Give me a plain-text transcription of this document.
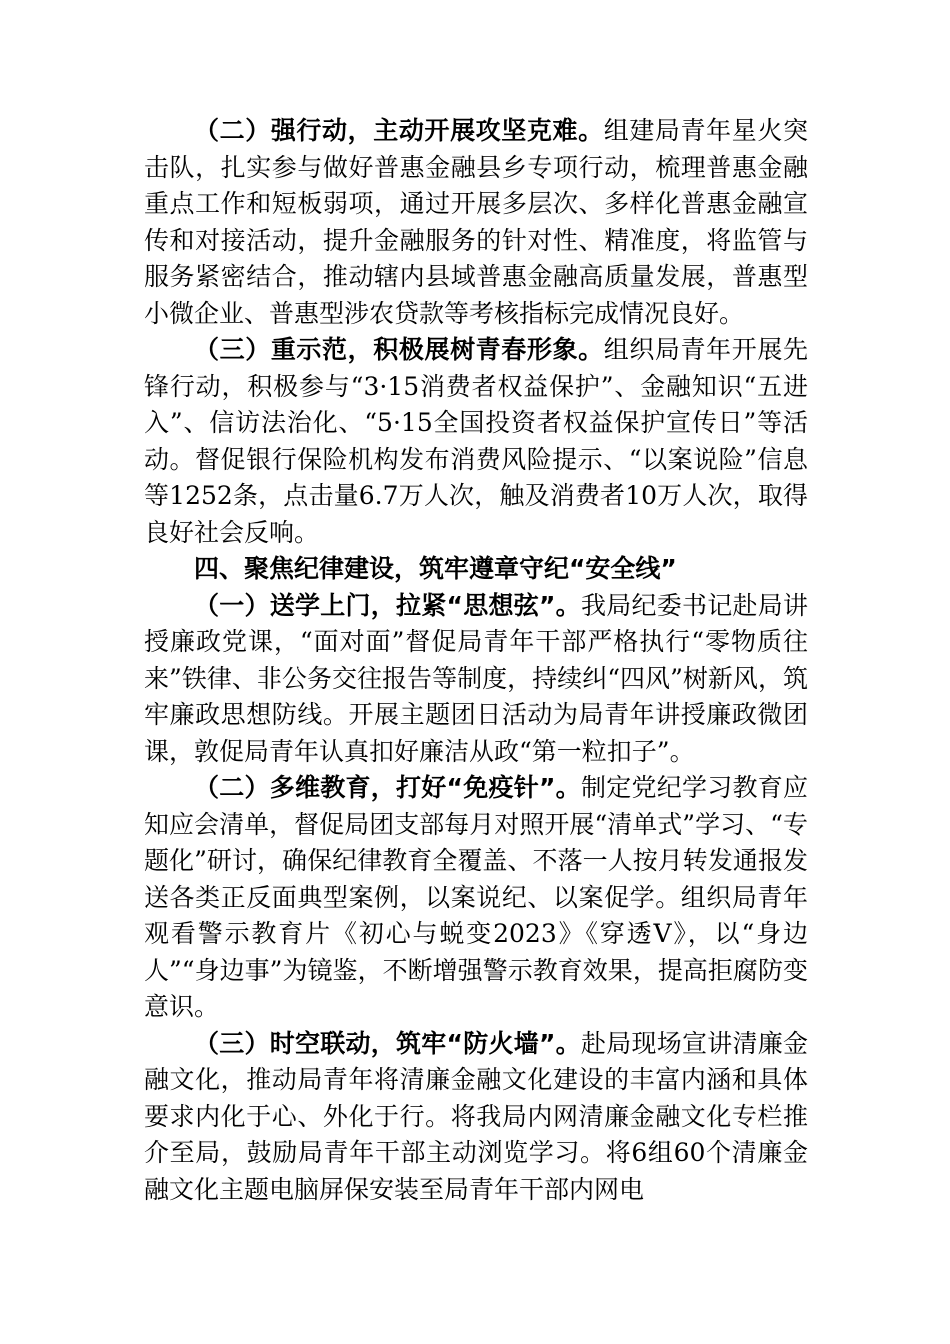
（二）强行动，主动开展攻坚克难。组建局青年星火突击队，扎实参与做好普惠金融县乡专项行动，梳理普惠金融重点工作和短板弱项，通过开展多层次、多样化普惠金融宣传和对接活动，提升金融服务的针对性、精准度，将监管与服务紧密结合，推动辖内县域普惠金融高质量发展，普惠型小微企业、普惠型涉农贷款等考核指标完成情况良好。

（三）重示范，积极展树青春形象。组织局青年开展先锋行动，积极参与“3·15消费者权益保护”、金融知识“五进入”、信访法治化、“5·15全国投资者权益保护宣传日”等活动。督促银行保险机构发布消费风险提示、“以案说险”信息等1252条，点击量6.7万人次，触及消费者10万人次，取得良好社会反响。

四、聚焦纪律建设，筑牢遵章守纪“安全线”

（一）送学上门，拉紧“思想弦”。我局纪委书记赴局讲授廉政党课，“面对面”督促局青年干部严格执行“零物质往来”铁律、非公务交往报告等制度，持续纠“四风”树新风，筑牢廉政思想防线。开展主题团日活动为局青年讲授廉政微团课，敦促局青年认真扣好廉洁从政“第一粒扣子”。

（二）多维教育，打好“免疫针”。制定党纪学习教育应知应会清单，督促局团支部每月对照开展“清单式”学习、“专题化”研讨，确保纪律教育全覆盖、不落一人按月转发通报发送各类正反面典型案例，以案说纪、以案促学。组织局青年观看警示教育片《初心与蜕变2023》《穿透Ⅴ》，以“身边人”“身边事”为镜鉴，不断增强警示教育效果，提高拒腐防变意识。

（三）时空联动，筑牢“防火墙”。赴局现场宣讲清廉金融文化，推动局青年将清廉金融文化建设的丰富内涵和具体要求内化于心、外化于行。将我局内网清廉金融文化专栏推介至局，鼓励局青年干部主动浏览学习。将6组60个清廉金融文化主题电脑屏保安装至局青年干部内网电
